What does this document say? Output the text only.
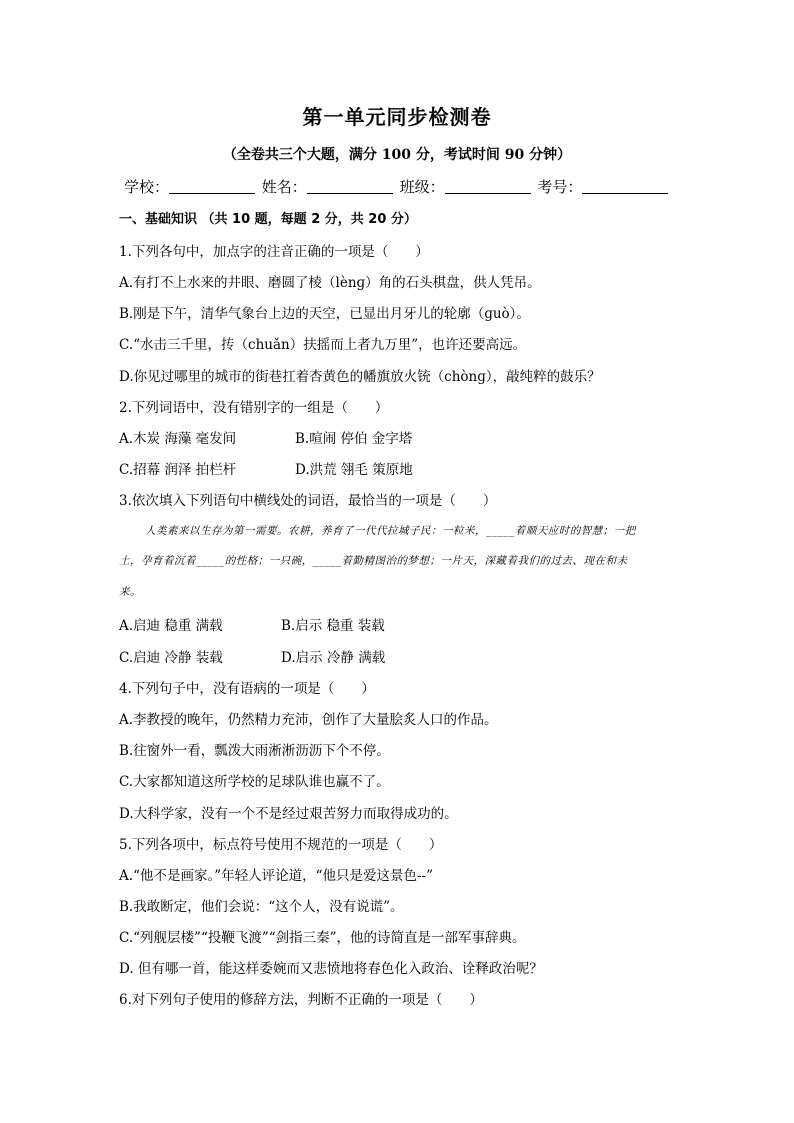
第一单元同步检测卷
（全卷共三个大题，满分 100 分，考试时间 90 分钟）
学校：	姓名：	班级：	考号：
一、基础知识 （共 10 题，每题 2 分，共 20 分）
1.下列各句中，加点字的注音正确的一项是（　　）
A.有打不上水来的井眼、磨圆了棱（lènɡ）角的石头棋盘，供人凭吊。
B.刚是下午，清华气象台上边的天空，已显出月牙儿的轮廓（ɡuò）。
C.“水击三千里，抟（chuǎn）扶摇而上者九万里”，也许还要高远。
D.你见过哪里的城市的街巷扛着杏黄色的幡旗放火铳（chònɡ），敲纯粹的鼓乐？
2.下列词语中，没有错别字的一组是（　　）
A.木炭 海藻 毫发间	B.喧闹 停伯 金字塔
C.招幕 润泽 拍栏杆	D.洪荒 翎毛 策原地
3.依次填入下列语句中横线处的词语，最恰当的一项是（　　）
人类素来以生存为第一需要。农耕，养育了一代代拉城子民：一粒米，_____着顺天应时的智慧；一把
土，孕育着沉着_____的性格；一只碗，_____着勤精图治的梦想；一片天，深藏着我们的过去、现在和未
来。
A.启迪 稳重 满载	B.启示 稳重 装载
C.启迪 冷静 装载	D.启示 冷静 满载
4.下列句子中，没有语病的一项是（　　）
A.李教授的晚年，仍然精力充沛，创作了大量脍炙人口的作品。
B.往窗外一看，瓢泼大雨淅淅沥沥下个不停。
C.大家都知道这所学校的足球队谁也赢不了。
D.大科学家，没有一个不是经过艰苦努力而取得成功的。
5.下列各项中，标点符号使用不规范的一项是（　　）
A.“他不是画家。”年轻人评论道，“他只是爱这景色--”
B.我敢断定，他们会说：“这个人，没有说谎”。
C.“列舰层楼”“投鞭飞渡”“剑指三秦”，他的诗简直是一部军事辞典。
D. 但有哪一首，能这样委婉而又悲愤地将春色化入政治、诠释政治呢？
6.对下列句子使用的修辞方法，判断不正确的一项是（　　）
